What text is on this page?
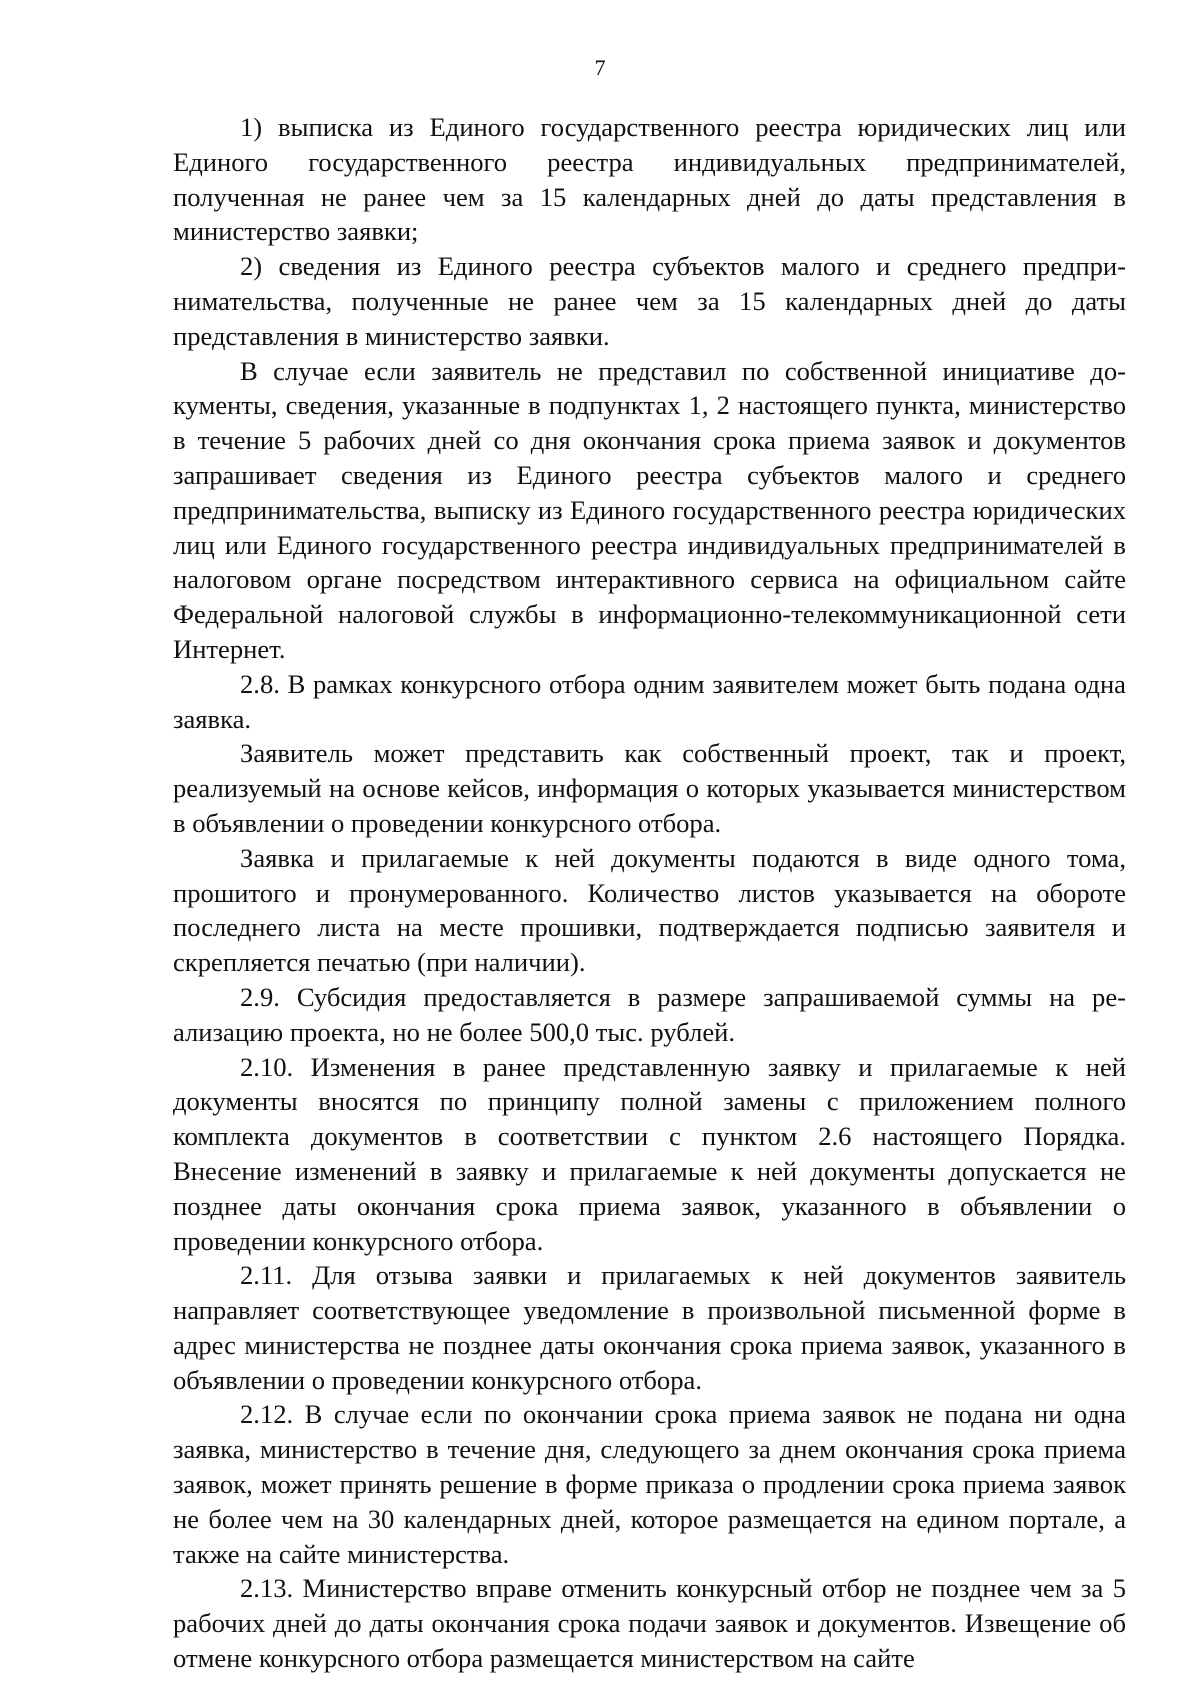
7

1) выписка из Единого государственного реестра юридических лиц или Единого государственного реестра индивидуальных предпринимателей, полученная не ранее чем за 15 календарных дней до даты представления в министерство заявки;

2) сведения из Единого реестра субъектов малого и среднего предпринимательства, полученные не ранее чем за 15 календарных дней до даты представления в министерство заявки.

В случае если заявитель не представил по собственной инициативе документы, сведения, указанные в подпунктах 1, 2 настоящего пункта, министерство в течение 5 рабочих дней со дня окончания срока приема заявок и документов запрашивает сведения из Единого реестра субъектов малого и среднего предпринимательства, выписку из Единого государственного реестра юридических лиц или Единого государственного реестра индивидуальных предпринимателей в налоговом органе посредством интерактивного сервиса на официальном сайте Федеральной налоговой службы в информационно-телекоммуникационной сети Интернет.

2.8. В рамках конкурсного отбора одним заявителем может быть подана одна заявка.

Заявитель может представить как собственный проект, так и проект, реализуемый на основе кейсов, информация о которых указывается министерством в объявлении о проведении конкурсного отбора.

Заявка и прилагаемые к ней документы подаются в виде одного тома, прошитого и пронумерованного. Количество листов указывается на обороте последнего листа на месте прошивки, подтверждается подписью заявителя и скрепляется печатью (при наличии).

2.9. Субсидия предоставляется в размере запрашиваемой суммы на реализацию проекта, но не более 500,0 тыс. рублей.

2.10. Изменения в ранее представленную заявку и прилагаемые к ней документы вносятся по принципу полной замены с приложением полного комплекта документов в соответствии с пунктом 2.6 настоящего Порядка. Внесение изменений в заявку и прилагаемые к ней документы допускается не позднее даты окончания срока приема заявок, указанного в объявлении о проведении конкурсного отбора.

2.11. Для отзыва заявки и прилагаемых к ней документов заявитель направляет соответствующее уведомление в произвольной письменной форме в адрес министерства не позднее даты окончания срока приема заявок, указанного в объявлении о проведении конкурсного отбора.

2.12. В случае если по окончании срока приема заявок не подана ни одна заявка, министерство в течение дня, следующего за днем окончания срока приема заявок, может принять решение в форме приказа о продлении срока приема заявок не более чем на 30 календарных дней, которое размещается на едином портале, а также на сайте министерства.

2.13. Министерство вправе отменить конкурсный отбор не позднее чем за 5 рабочих дней до даты окончания срока подачи заявок и документов. Извещение об отмене конкурсного отбора размещается министерством на сайте
